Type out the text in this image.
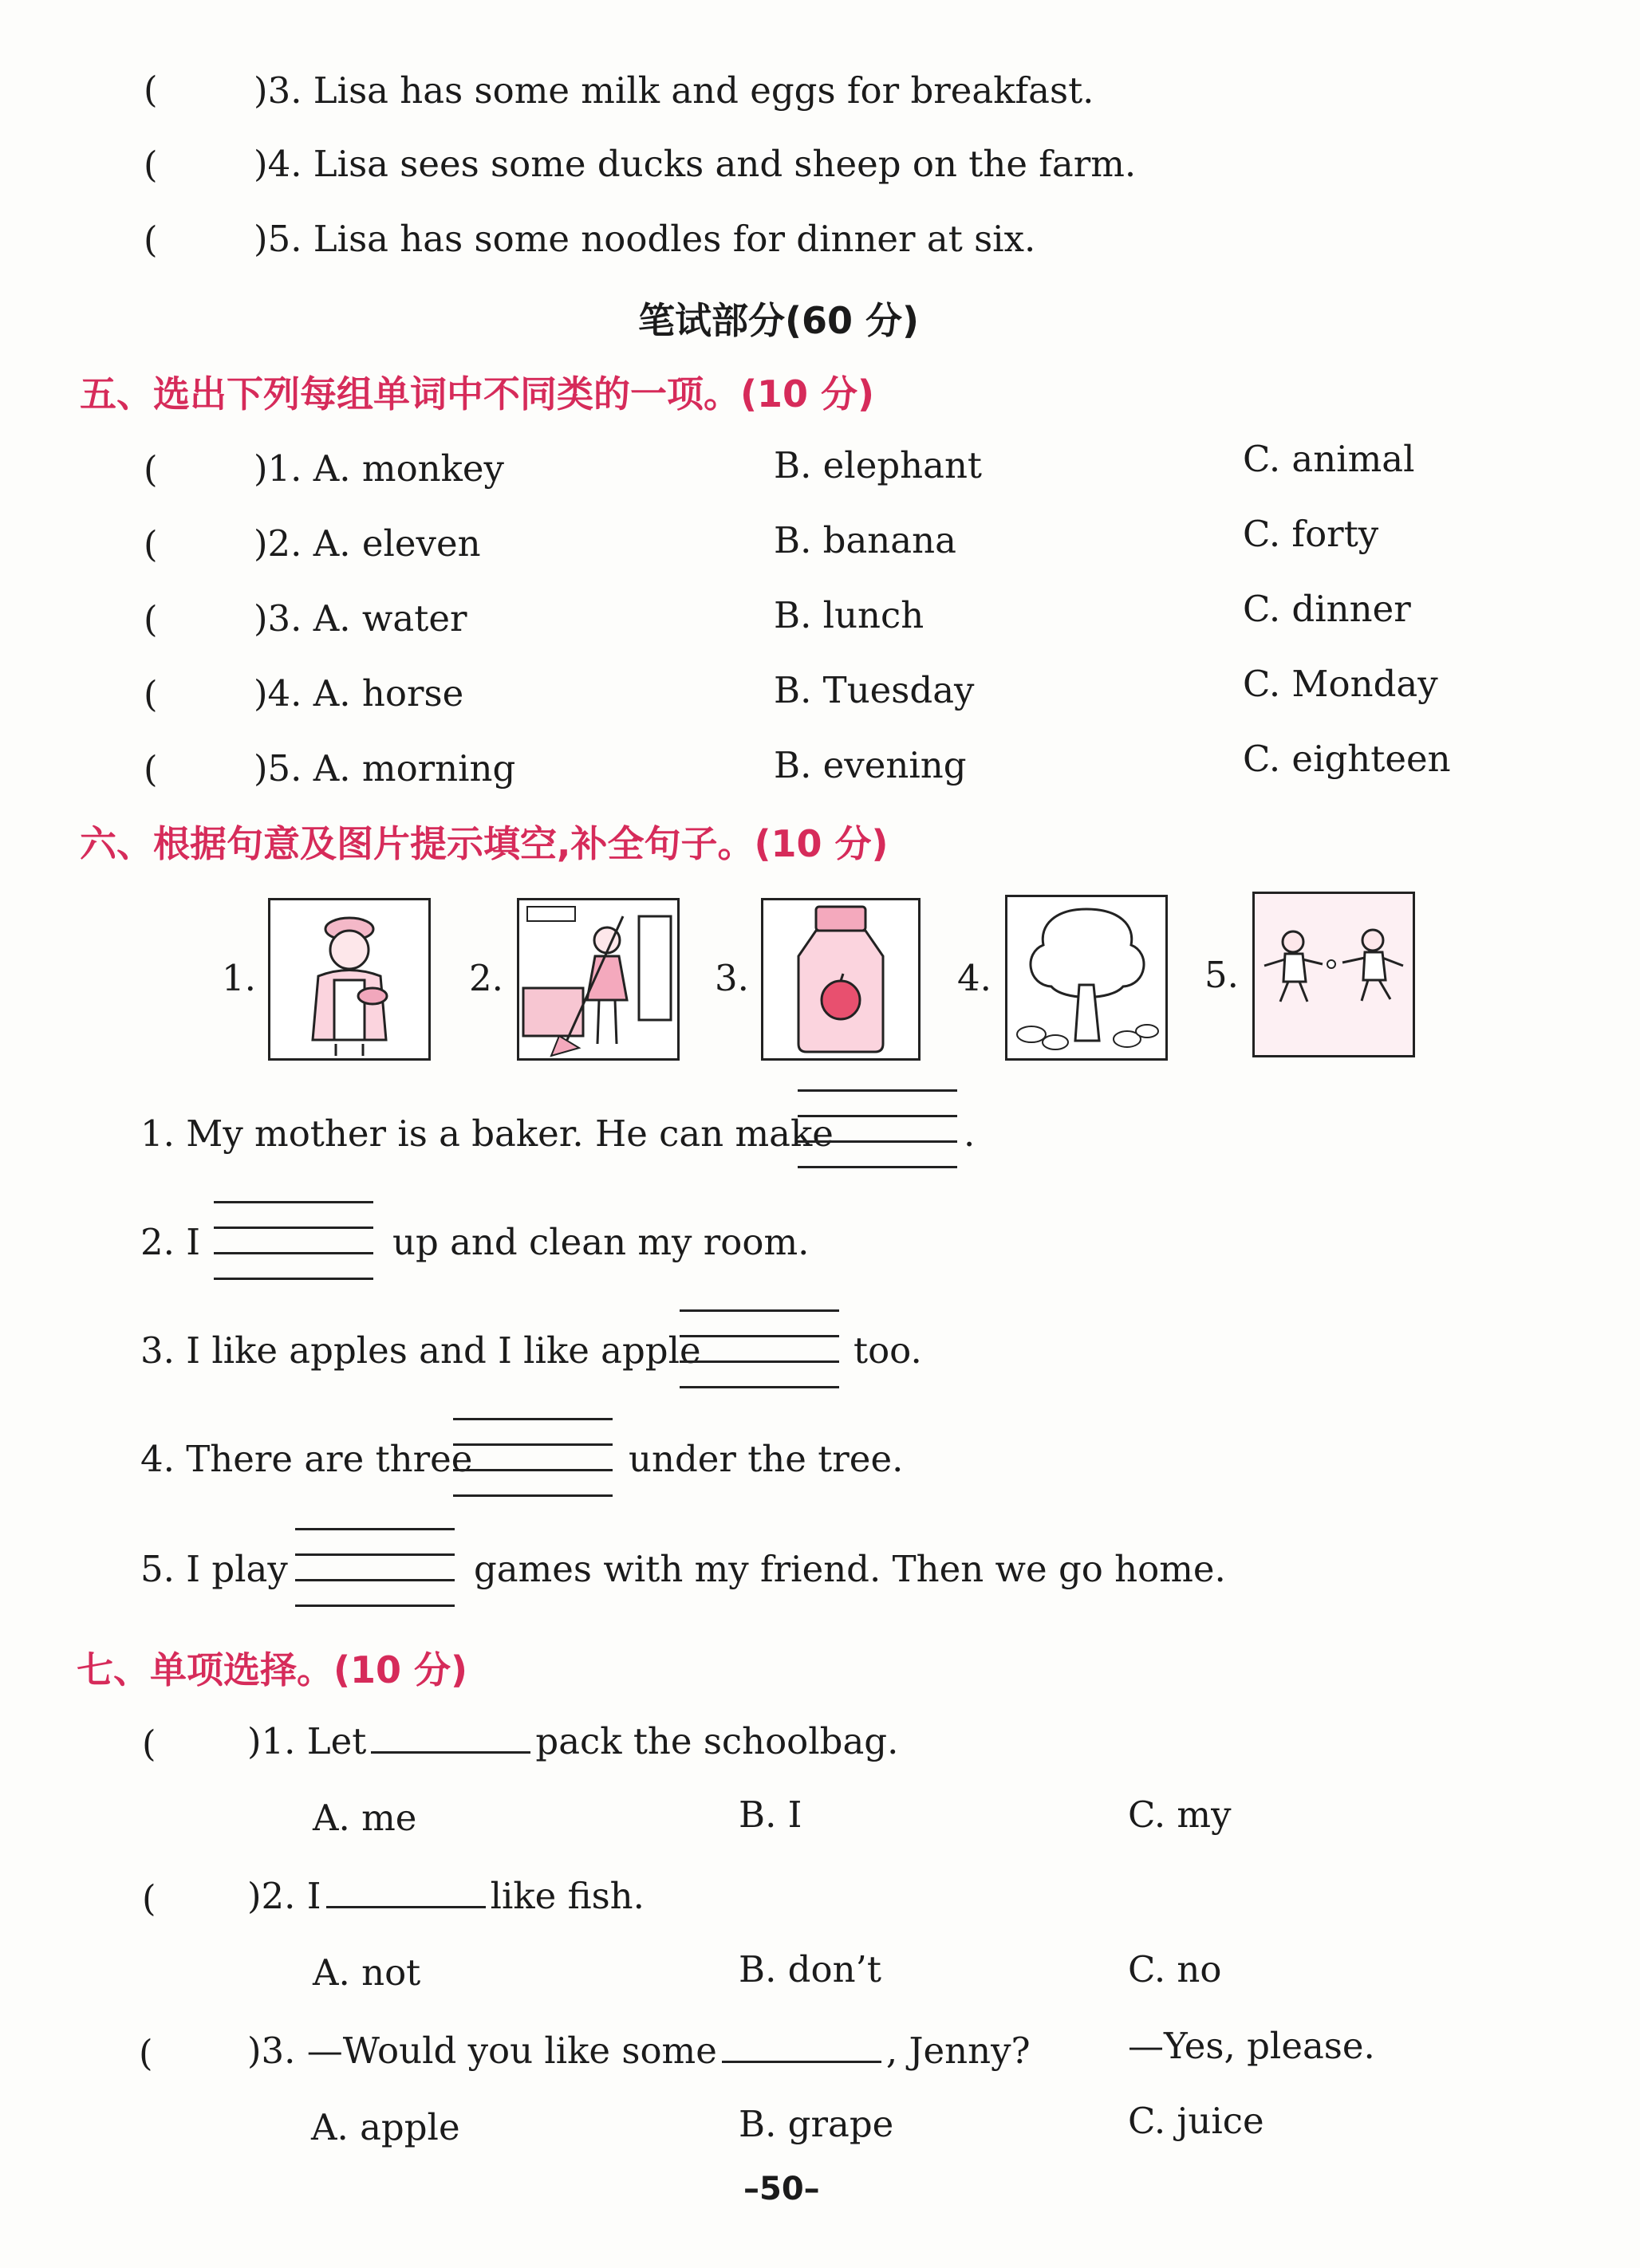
(	)3. Lisa has some milk and eggs for breakfast.
(	)4. Lisa sees some ducks and sheep on the farm.
(	)5. Lisa has some noodles for dinner at six.
笔试部分(60 分)
五、选出下列每组单词中不同类的一项。(10 分)
(	)1. A. monkey	B. elephant	C. animal
(	)2. A. eleven	B. banana	C. forty
(	)3. A. water	B. lunch	C. dinner
(	)4. A. horse	B. Tuesday	C. Monday
(	)5. A. morning	B. evening	C. eighteen
六、根据句意及图片提示填空,补全句子。(10 分)
1.	2.	3.	4.	5.
1. My mother is a baker. He can make	.
2. I	up and clean my room.
3. I like apples and I like apple	too.
4. There are three	under the tree.
5. I play	games with my friend. Then we go home.
七、单项选择。(10 分)
(	)1. Let	pack the schoolbag.
A. me	B. I	C. my
(	)2. I	like fish.
A. not	B. don’t	C. no
(	)3. —Would you like some	, Jenny?	—Yes, please.
A. apple	B. grape	C. juice
–50–
